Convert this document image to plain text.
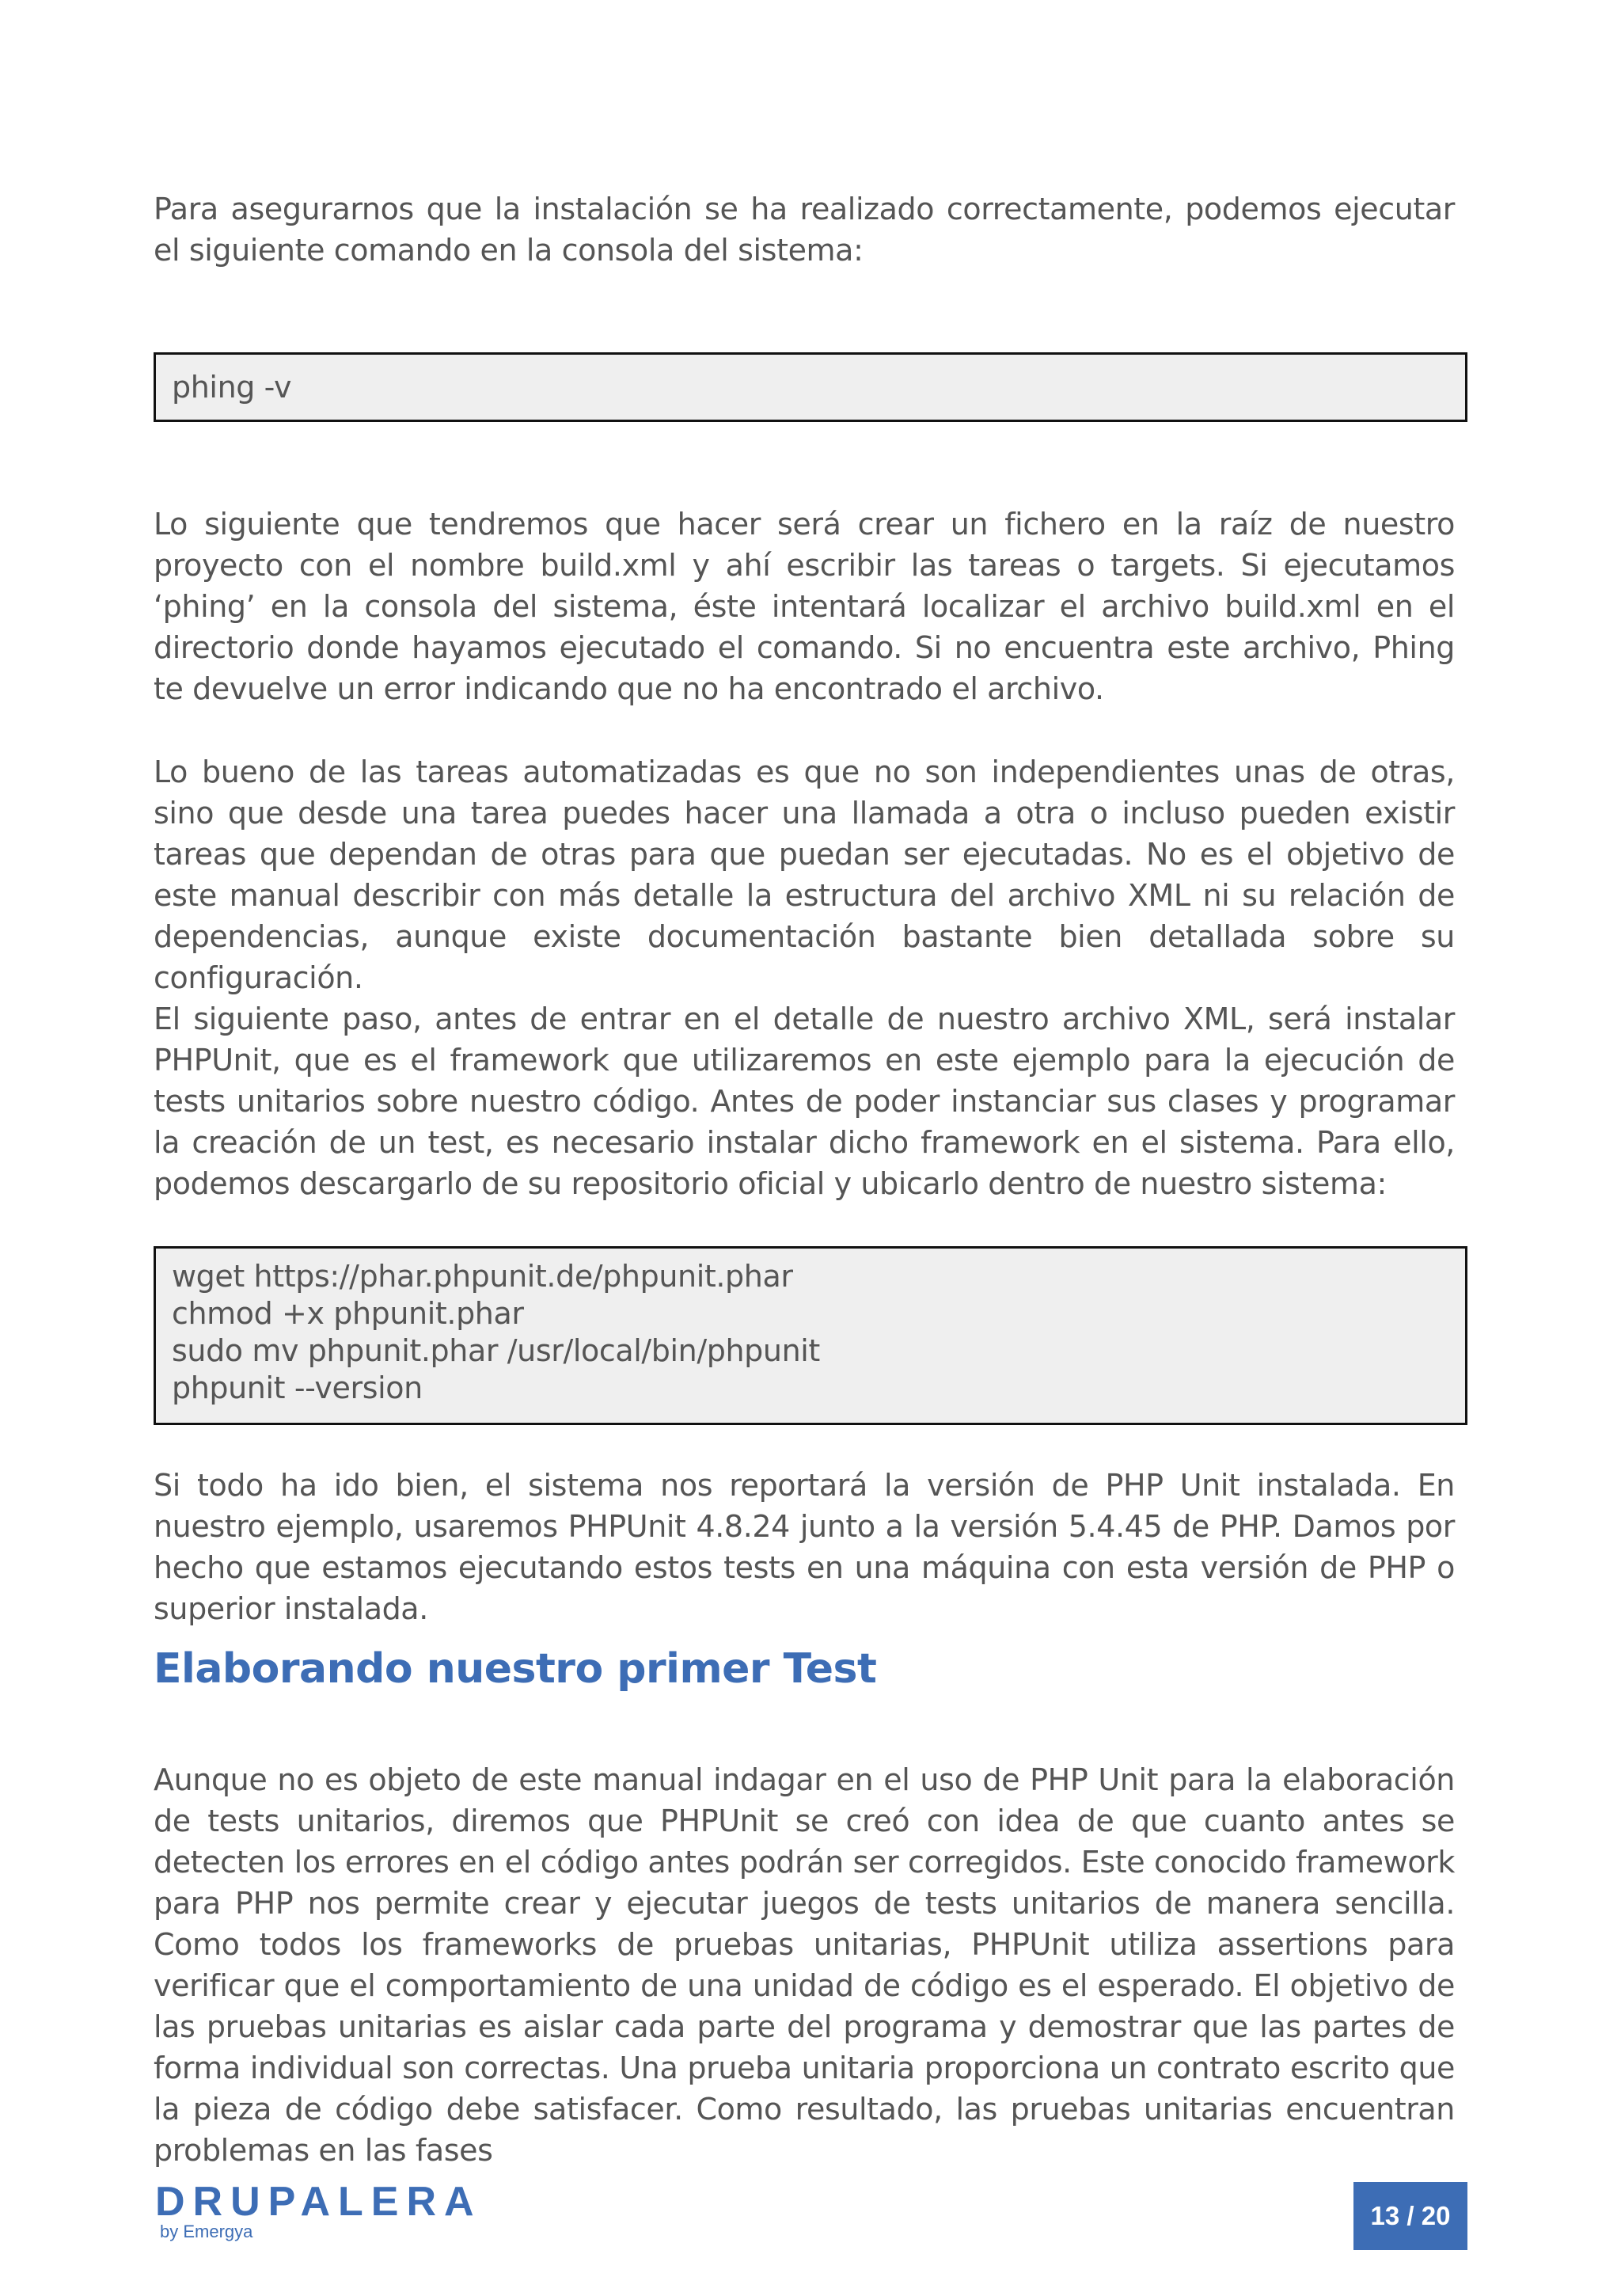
Para asegurarnos que la instalación se ha realizado correctamente, podemos ejecutar el siguiente comando en la consola del sistema:

phing -v

Lo siguiente que tendremos que hacer será crear un fichero en la raíz de nuestro proyecto con el nombre build.xml y ahí escribir las tareas o targets. Si ejecutamos ‘phing’ en la consola del sistema, éste intentará localizar el archivo build.xml en el directorio donde hayamos ejecutado el comando. Si no encuentra este archivo, Phing te devuelve un error indicando que no ha encontrado el archivo.

Lo bueno de las tareas automatizadas es que no son independientes unas de otras, sino que desde una tarea puedes hacer una llamada a otra o incluso pueden existir tareas que dependan de otras para que puedan ser ejecutadas. No es el objetivo de este manual describir con más detalle la estructura del archivo XML ni su relación de dependencias, aunque existe documentación bastante bien detallada sobre su configuración.

El siguiente paso, antes de entrar en el detalle de nuestro archivo XML, será instalar PHPUnit, que es el framework que utilizaremos en este ejemplo para la ejecución de tests unitarios sobre nuestro código. Antes de poder instanciar sus clases y programar la creación de un test, es necesario instalar dicho framework en el sistema. Para ello, podemos descargarlo de su repositorio oficial y ubicarlo dentro de nuestro sistema:

wget https://phar.phpunit.de/phpunit.phar
chmod +x phpunit.phar
sudo mv phpunit.phar /usr/local/bin/phpunit
phpunit --version

Si todo ha ido bien, el sistema nos reportará la versión de PHP Unit instalada. En nuestro ejemplo, usaremos PHPUnit 4.8.24 junto a la versión 5.4.45 de PHP. Damos por hecho que estamos ejecutando estos tests en una máquina con esta versión de PHP o superior instalada.

Elaborando nuestro primer Test

Aunque no es objeto de este manual indagar en el uso de PHP Unit para la elaboración de tests unitarios, diremos que PHPUnit se creó con idea de que cuanto antes se detecten los errores en el código antes podrán ser corregidos. Este conocido framework para PHP nos permite crear y ejecutar juegos de tests unitarios de manera sencilla. Como todos los frameworks de pruebas unitarias, PHPUnit utiliza assertions para verificar que el comportamiento de una unidad de código es el esperado. El objetivo de las pruebas unitarias es aislar cada parte del programa y demostrar que las partes de forma individual son correctas. Una prueba unitaria proporciona un contrato escrito que la pieza de código debe satisfacer. Como resultado, las pruebas unitarias encuentran problemas en las fases

DRUPALERA
by Emergya
13 / 20
